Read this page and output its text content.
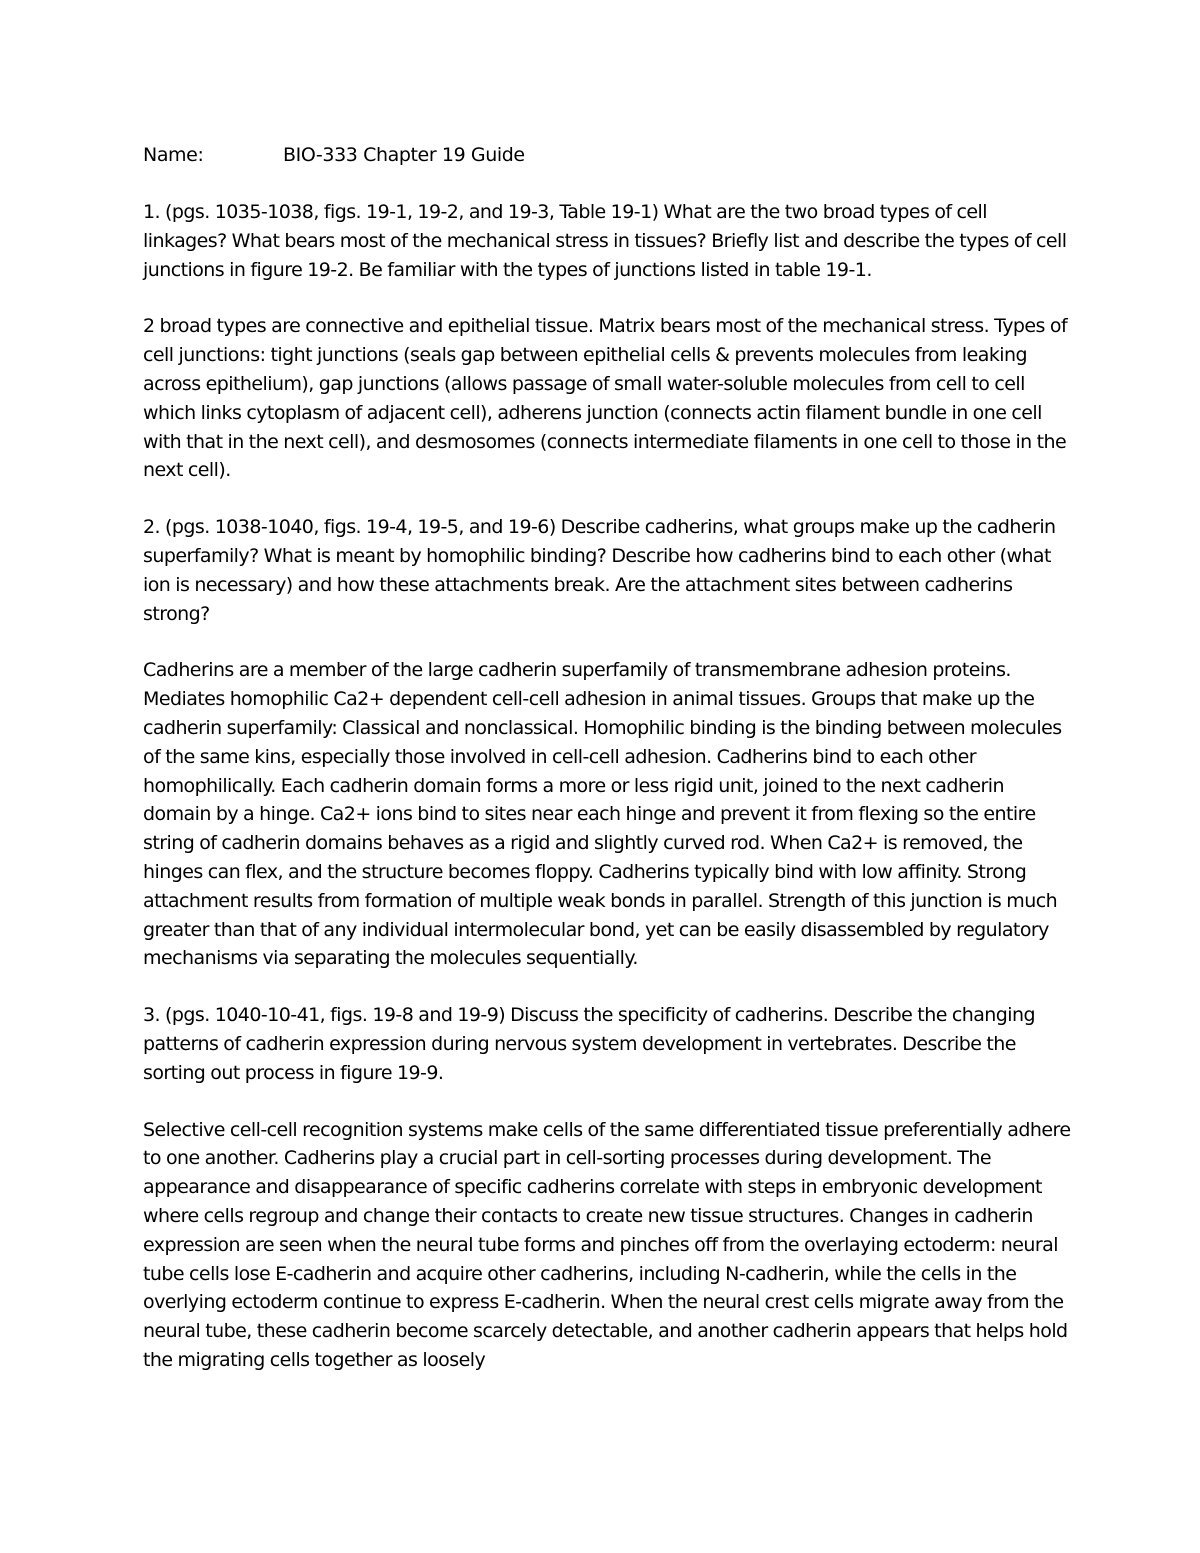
Name:	BIO-333 Chapter 19 Guide

1. (pgs. 1035-1038, figs. 19-1, 19-2, and 19-3, Table 19-1) What are the two broad types of cell linkages? What bears most of the mechanical stress in tissues? Briefly list and describe the types of cell junctions in figure 19-2. Be familiar with the types of junctions listed in table 19-1.

2 broad types are connective and epithelial tissue. Matrix bears most of the mechanical stress. Types of cell junctions: tight junctions (seals gap between epithelial cells & prevents molecules from leaking across epithelium), gap junctions (allows passage of small water-soluble molecules from cell to cell which links cytoplasm of adjacent cell), adherens junction (connects actin filament bundle in one cell with that in the next cell), and desmosomes (connects intermediate filaments in one cell to those in the next cell).

2. (pgs. 1038-1040, figs. 19-4, 19-5, and 19-6) Describe cadherins, what groups make up the cadherin superfamily? What is meant by homophilic binding? Describe how cadherins bind to each other (what ion is necessary) and how these attachments break. Are the attachment sites between cadherins strong?

Cadherins are a member of the large cadherin superfamily of transmembrane adhesion proteins. Mediates homophilic Ca2+ dependent cell-cell adhesion in animal tissues. Groups that make up the cadherin superfamily: Classical and nonclassical. Homophilic binding is the binding between molecules of the same kins, especially those involved in cell-cell adhesion. Cadherins bind to each other homophilically. Each cadherin domain forms a more or less rigid unit, joined to the next cadherin domain by a hinge. Ca2+ ions bind to sites near each hinge and prevent it from flexing so the entire string of cadherin domains behaves as a rigid and slightly curved rod. When Ca2+ is removed, the hinges can flex, and the structure becomes floppy. Cadherins typically bind with low affinity. Strong attachment results from formation of multiple weak bonds in parallel. Strength of this junction is much greater than that of any individual intermolecular bond, yet can be easily disassembled by regulatory mechanisms via separating the molecules sequentially.

3. (pgs. 1040-10-41, figs. 19-8 and 19-9) Discuss the specificity of cadherins. Describe the changing patterns of cadherin expression during nervous system development in vertebrates. Describe the sorting out process in figure 19-9.

Selective cell-cell recognition systems make cells of the same differentiated tissue preferentially adhere to one another. Cadherins play a crucial part in cell-sorting processes during development. The appearance and disappearance of specific cadherins correlate with steps in embryonic development where cells regroup and change their contacts to create new tissue structures. Changes in cadherin expression are seen when the neural tube forms and pinches off from the overlaying ectoderm: neural tube cells lose E-cadherin and acquire other cadherins, including N-cadherin, while the cells in the overlying ectoderm continue to express E-cadherin. When the neural crest cells migrate away from the neural tube, these cadherin become scarcely detectable, and another cadherin appears that helps hold the migrating cells together as loosely
